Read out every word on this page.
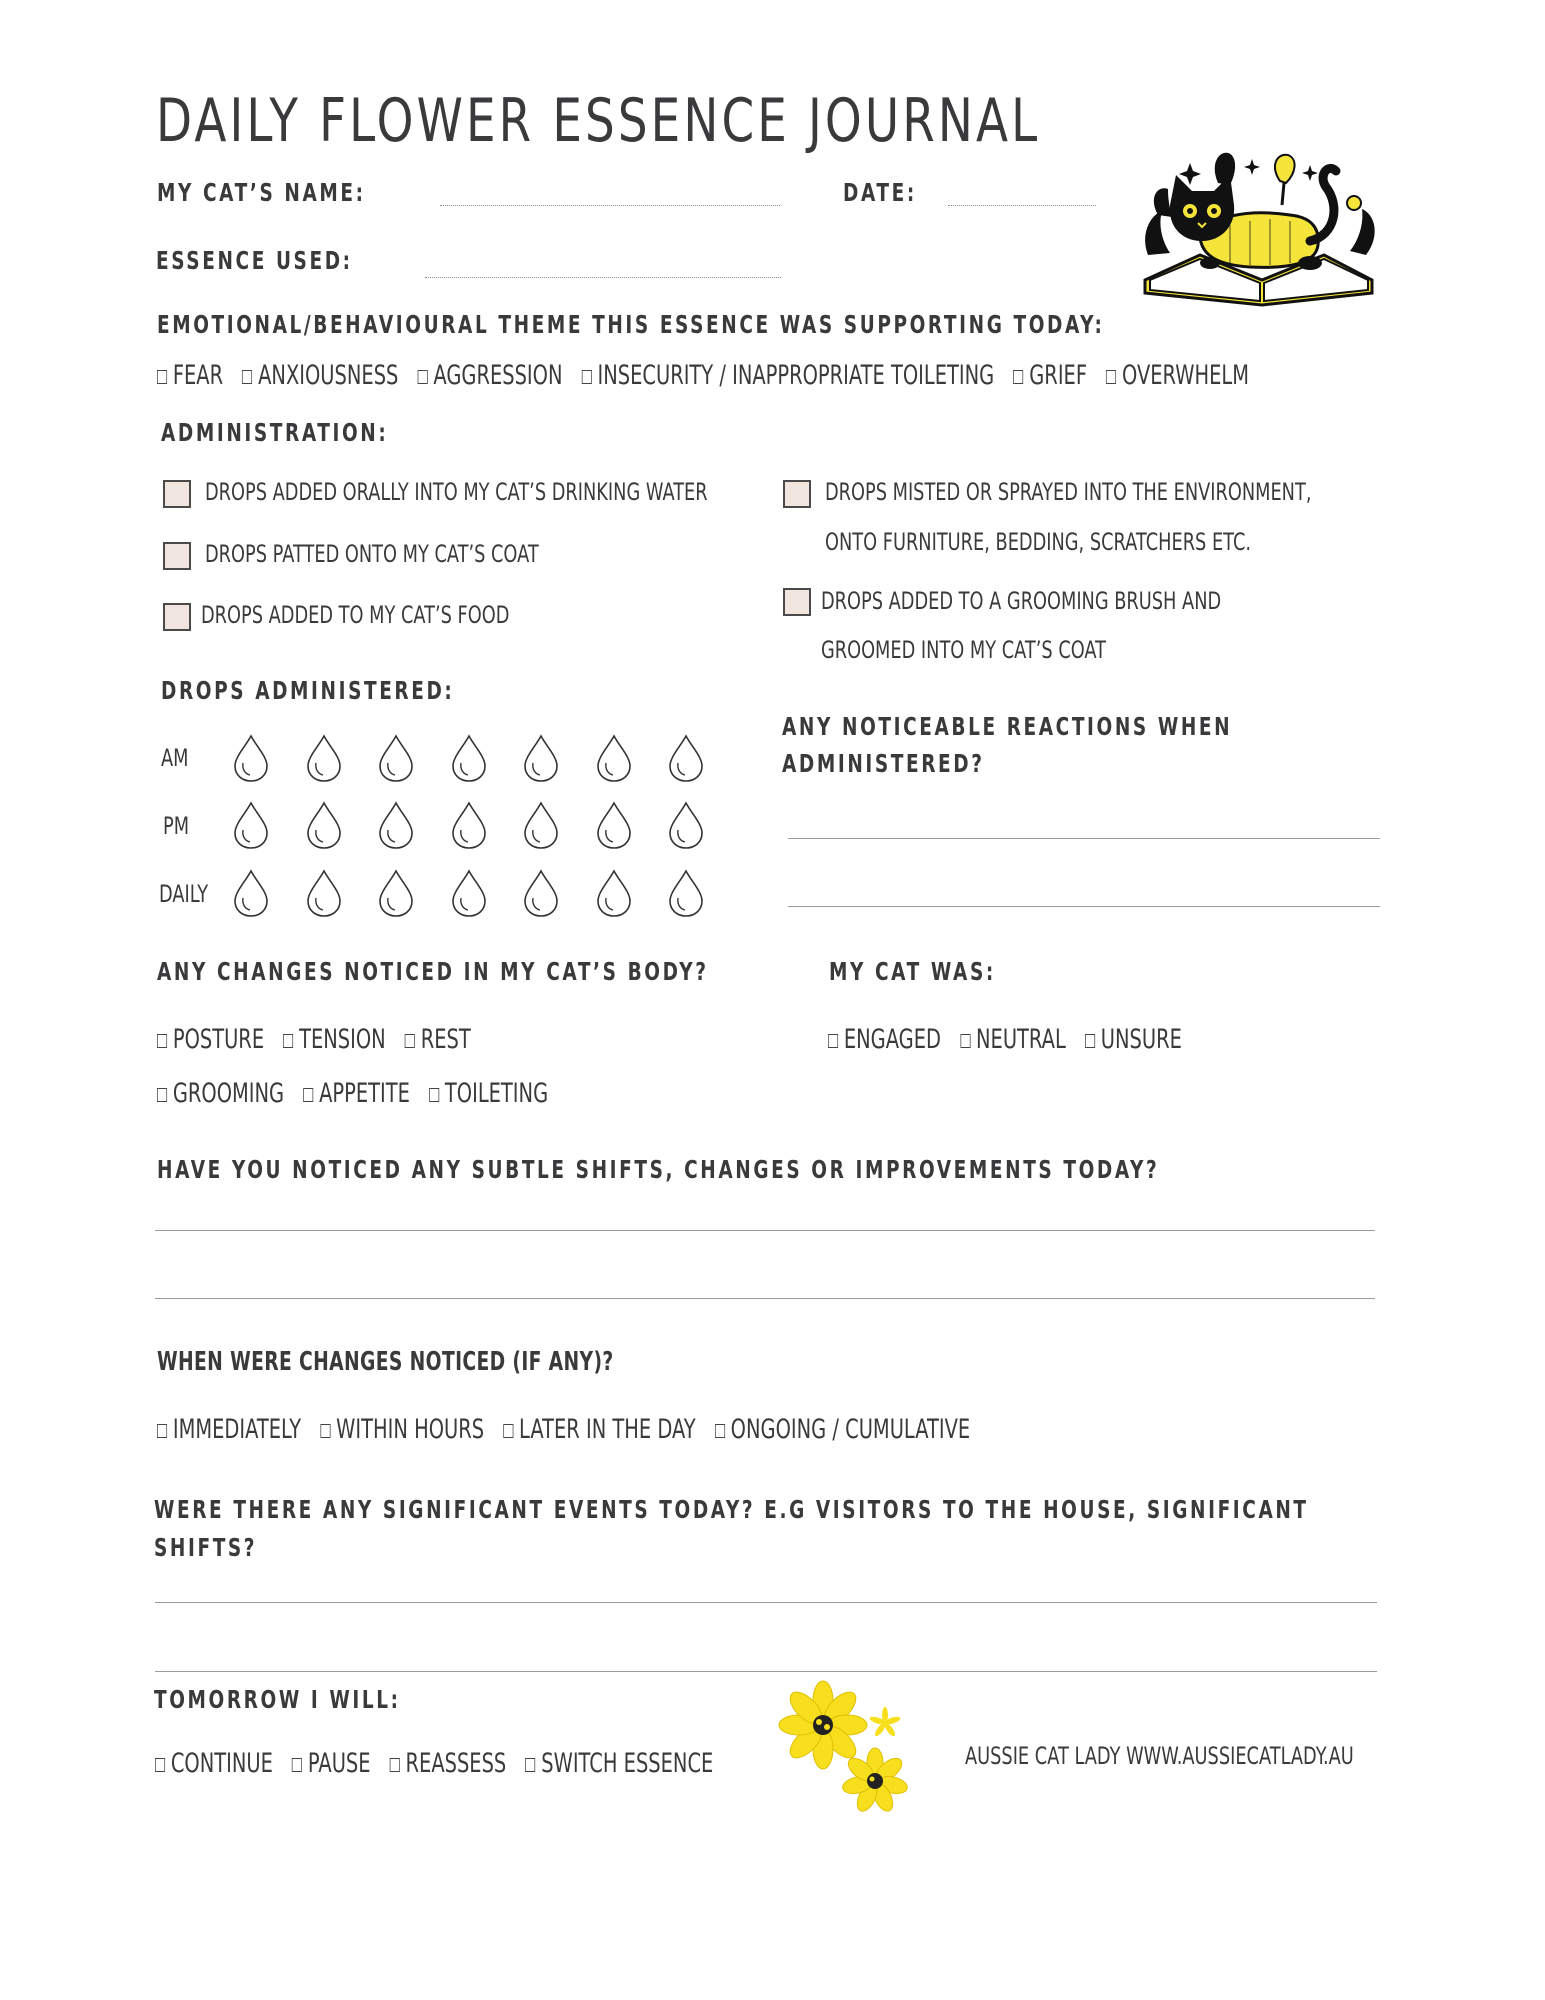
DAILY FLOWER ESSENCE JOURNAL
MY CAT’S NAME:	DATE:
ESSENCE USED:
EMOTIONAL/BEHAVIOURAL THEME THIS ESSENCE WAS SUPPORTING TODAY:
FEAR ANXIOUSNESS AGGRESSION INSECURITY / INAPPROPRIATE TOILETING GRIEF OVERWHELM
ADMINISTRATION:
DROPS ADDED ORALLY INTO MY CAT’S DRINKING WATER
DROPS PATTED ONTO MY CAT’S COAT
DROPS ADDED TO MY CAT’S FOOD
DROPS MISTED OR SPRAYED INTO THE ENVIRONMENT,
ONTO FURNITURE, BEDDING, SCRATCHERS ETC.
DROPS ADDED TO A GROOMING BRUSH AND
GROOMED INTO MY CAT’S COAT
DROPS ADMINISTERED:
AM
PM
DAILY
ANY NOTICEABLE REACTIONS WHEN
ADMINISTERED?
ANY CHANGES NOTICED IN MY CAT’S BODY?
POSTURE TENSION REST
GROOMING APPETITE TOILETING
MY CAT WAS:
ENGAGED NEUTRAL UNSURE
HAVE YOU NOTICED ANY SUBTLE SHIFTS, CHANGES OR IMPROVEMENTS TODAY?
WHEN WERE CHANGES NOTICED (IF ANY)?
IMMEDIATELY WITHIN HOURS LATER IN THE DAY ONGOING / CUMULATIVE
WERE THERE ANY SIGNIFICANT EVENTS TODAY? E.G VISITORS TO THE HOUSE, SIGNIFICANT
SHIFTS?
TOMORROW I WILL:
CONTINUE PAUSE REASSESS SWITCH ESSENCE	AUSSIE CAT LADY WWW.AUSSIECATLADY.AU
